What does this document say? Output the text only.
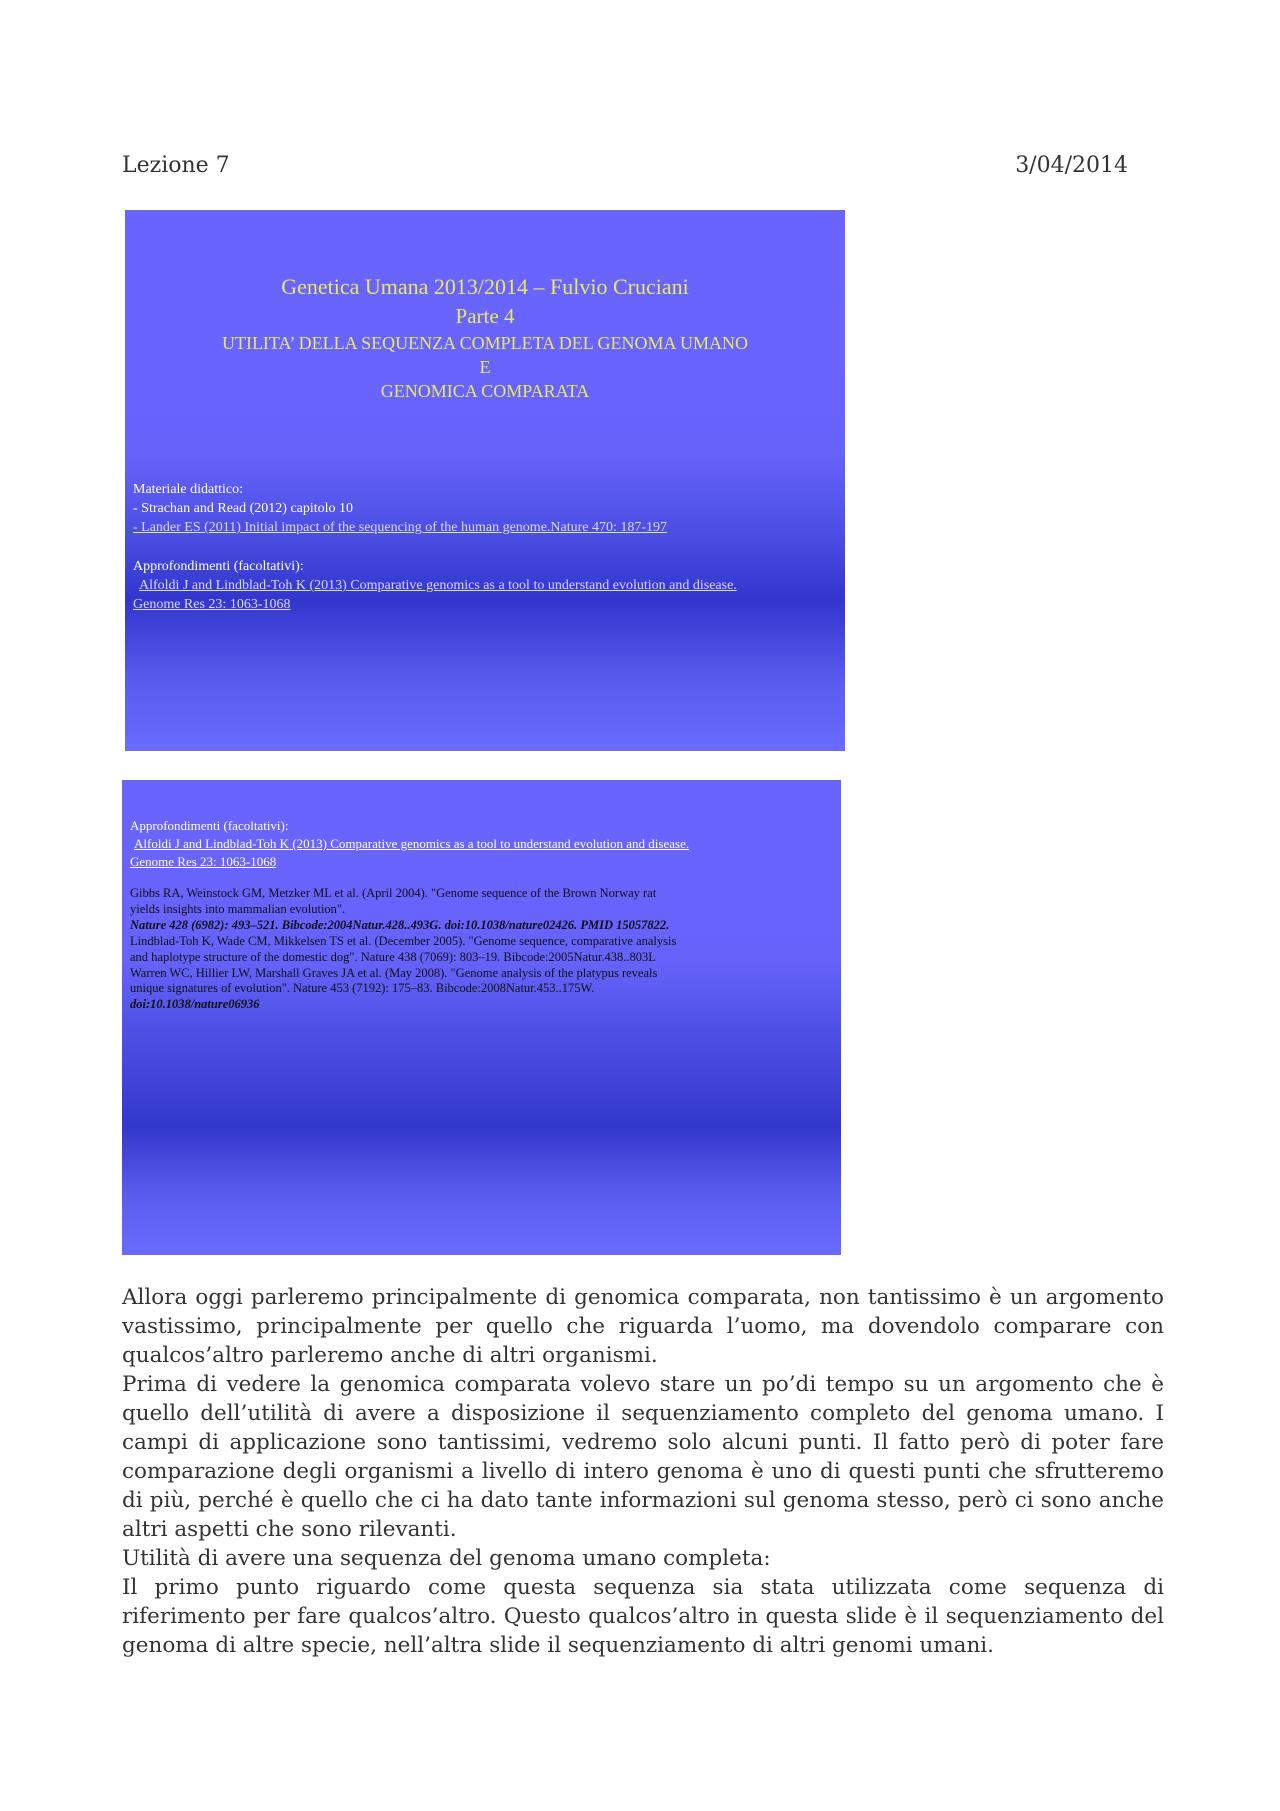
Lezione 7	3/04/2014
Genetica Umana 2013/2014 – Fulvio Cruciani
Parte 4
UTILITA’ DELLA SEQUENZA COMPLETA DEL GENOMA UMANO
E
GENOMICA COMPARATA
Materiale didattico:
- Strachan and Read (2012) capitolo 10
- Lander ES (2011) Initial impact of the sequencing of the human genome.Nature 470: 187-197
Approfondimenti (facoltativi):
Alfoldi J and Lindblad-Toh K (2013) Comparative genomics as a tool to understand evolution and disease.
Genome Res 23: 1063-1068
Approfondimenti (facoltativi):
Alfoldi J and Lindblad-Toh K (2013) Comparative genomics as a tool to understand evolution and disease.
Genome Res 23: 1063-1068
Gibbs RA, Weinstock GM, Metzker ML et al. (April 2004). "Genome sequence of the Brown Norway rat
yields insights into mammalian evolution".
Nature 428 (6982): 493–521. Bibcode:2004Natur.428..493G. doi:10.1038/nature02426. PMID 15057822.
Lindblad-Toh K, Wade CM, Mikkelsen TS et al. (December 2005). "Genome sequence, comparative analysis
and haplotype structure of the domestic dog". Nature 438 (7069): 803–19. Bibcode:2005Natur.438..803L
Warren WC, Hillier LW, Marshall Graves JA et al. (May 2008). "Genome analysis of the platypus reveals
unique signatures of evolution". Nature 453 (7192): 175–83. Bibcode:2008Natur.453..175W.
doi:10.1038/nature06936

Allora oggi parleremo principalmente di genomica comparata, non tantissimo è un argomento vastissimo, principalmente per quello che riguarda l’uomo, ma dovendolo comparare con qualcos’altro parleremo anche di altri organismi.

Prima di vedere la genomica comparata volevo stare un po’di tempo su un argomento che è quello dell’utilità di avere a disposizione il sequenziamento completo del genoma umano. I campi di applicazione sono tantissimi, vedremo solo alcuni punti. Il fatto però di poter fare comparazione degli organismi a livello di intero genoma è uno di questi punti che sfrutteremo di più, perché è quello che ci ha dato tante informazioni sul genoma stesso, però ci sono anche altri aspetti che sono rilevanti.

Utilità di avere una sequenza del genoma umano completa:

Il primo punto riguardo come questa sequenza sia stata utilizzata come sequenza di riferimento per fare qualcos’altro. Questo qualcos’altro in questa slide è il sequenziamento del genoma di altre specie, nell’altra slide il sequenziamento di altri genomi umani.
